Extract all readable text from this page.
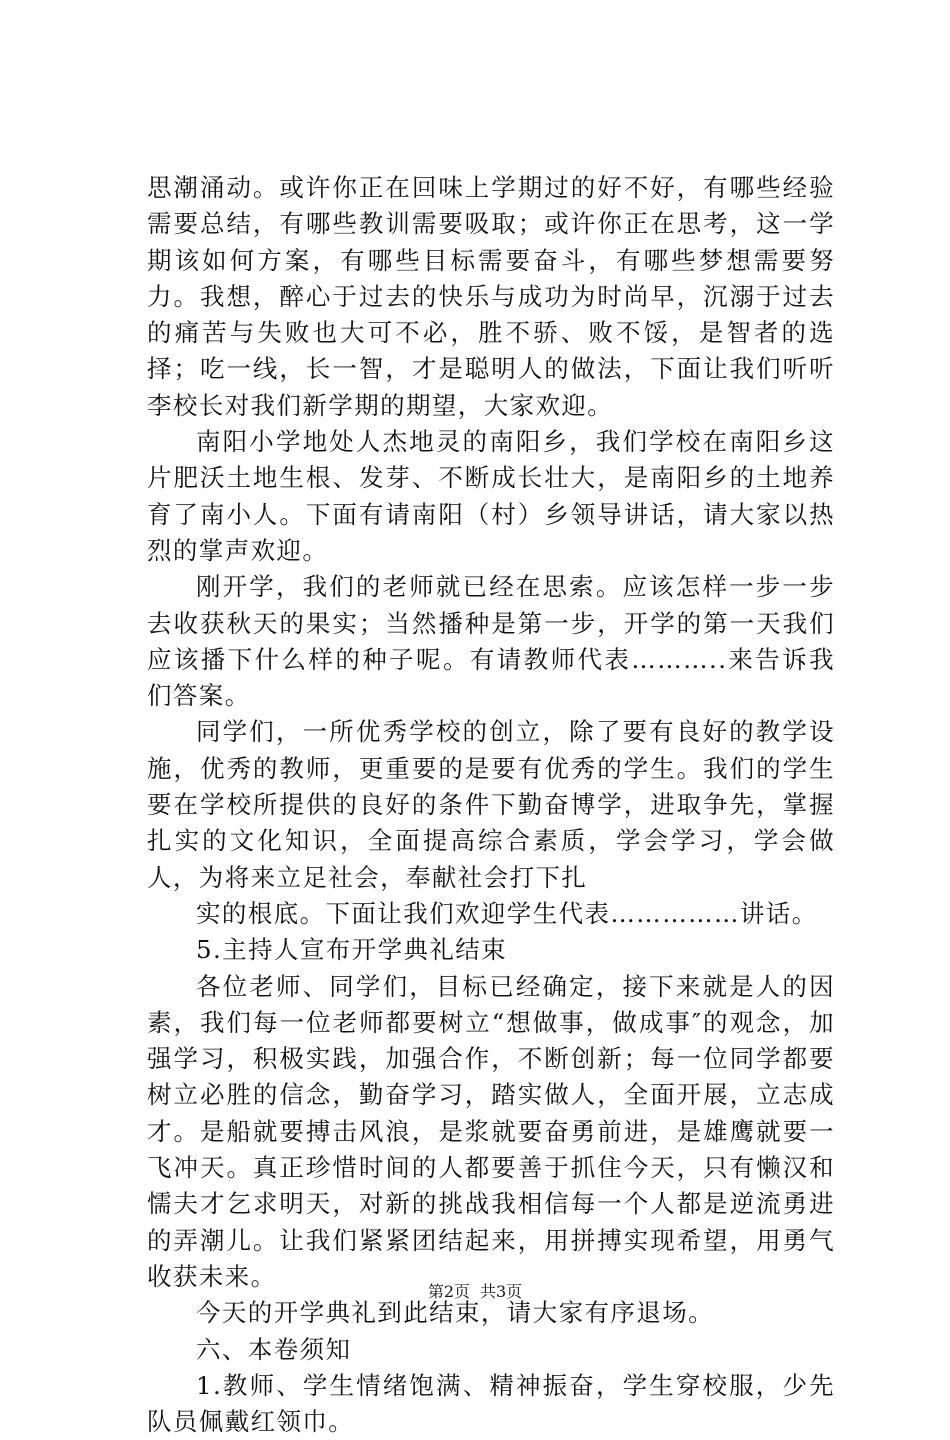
思潮涌动。或许你正在回味上学期过的好不好，有哪些经验需要总结，有哪些教训需要吸取；或许你正在思考，这一学期该如何方案，有哪些目标需要奋斗，有哪些梦想需要努力。我想，醉心于过去的快乐与成功为时尚早，沉溺于过去的痛苦与失败也大可不必，胜不骄、败不馁，是智者的选择；吃一线，长一智，才是聪明人的做法，下面让我们听听李校长对我们新学期的期望，大家欢迎。

南阳小学地处人杰地灵的南阳乡，我们学校在南阳乡这片肥沃土地生根、发芽、不断成长壮大，是南阳乡的土地养育了南小人。下面有请南阳（村）乡领导讲话，请大家以热烈的掌声欢迎。

刚开学，我们的老师就已经在思索。应该怎样一步一步去收获秋天的果实；当然播种是第一步，开学的第一天我们应该播下什么样的种子呢。有请教师代表………..来告诉我们答案。

同学们，一所优秀学校的创立，除了要有良好的教学设施，优秀的教师，更重要的是要有优秀的学生。我们的学生要在学校所提供的良好的条件下勤奋博学，进取争先，掌握扎实的文化知识，全面提高综合素质，学会学习，学会做人，为将来立足社会，奉献社会打下扎

实的根底。下面让我们欢迎学生代表……………讲话。

5.主持人宣布开学典礼结束

各位老师、同学们，目标已经确定，接下来就是人的因素，我们每一位老师都要树立“想做事，做成事″的观念，加强学习，积极实践，加强合作，不断创新；每一位同学都要树立必胜的信念，勤奋学习，踏实做人，全面开展，立志成才。是船就要搏击风浪，是浆就要奋勇前进，是雄鹰就要一飞冲天。真正珍惜时间的人都要善于抓住今天，只有懒汉和懦夫才乞求明天，对新的挑战我相信每一个人都是逆流勇进的弄潮儿。让我们紧紧团结起来，用拼搏实现希望，用勇气收获未来。

今天的开学典礼到此结束，请大家有序退场。

六、本卷须知

1.教师、学生情绪饱满、精神振奋，学生穿校服，少先队员佩戴红领巾。

第2页 共3页
